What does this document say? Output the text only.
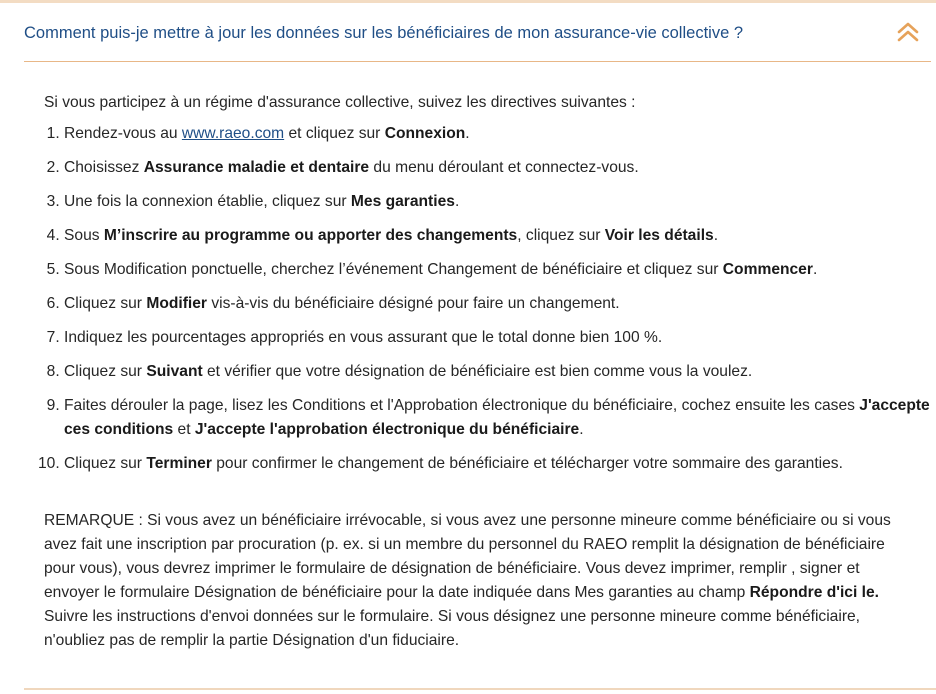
Comment puis-je mettre à jour les données sur les bénéficiaires de mon assurance-vie collective ?

Si vous participez à un régime d'assurance collective, suivez les directives suivantes :

1. Rendez-vous au www.raeo.com et cliquez sur Connexion.
2. Choisissez Assurance maladie et dentaire du menu déroulant et connectez-vous.
3. Une fois la connexion établie, cliquez sur Mes garanties.
4. Sous M’inscrire au programme ou apporter des changements, cliquez sur Voir les détails.
5. Sous Modification ponctuelle, cherchez l’événement Changement de bénéficiaire et cliquez sur Commencer.
6. Cliquez sur Modifier vis-à-vis du bénéficiaire désigné pour faire un changement.
7. Indiquez les pourcentages appropriés en vous assurant que le total donne bien 100 %.
8. Cliquez sur Suivant et vérifier que votre désignation de bénéficiaire est bien comme vous la voulez.
9. Faites dérouler la page, lisez les Conditions et l'Approbation électronique du bénéficiaire, cochez ensuite les cases J'accepte ces conditions et J'accepte l'approbation électronique du bénéficiaire.
10. Cliquez sur Terminer pour confirmer le changement de bénéficiaire et télécharger votre sommaire des garanties.

REMARQUE : Si vous avez un bénéficiaire irrévocable, si vous avez une personne mineure comme bénéficiaire ou si vous avez fait une inscription par procuration (p. ex. si un membre du personnel du RAEO remplit la désignation de bénéficiaire pour vous), vous devrez imprimer le formulaire de désignation de bénéficiaire. Vous devez imprimer, remplir , signer et envoyer le formulaire Désignation de bénéficiaire pour la date indiquée dans Mes garanties au champ Répondre d'ici le. Suivre les instructions d'envoi données sur le formulaire. Si vous désignez une personne mineure comme bénéficiaire, n'oubliez pas de remplir la partie Désignation d'un fiduciaire.
